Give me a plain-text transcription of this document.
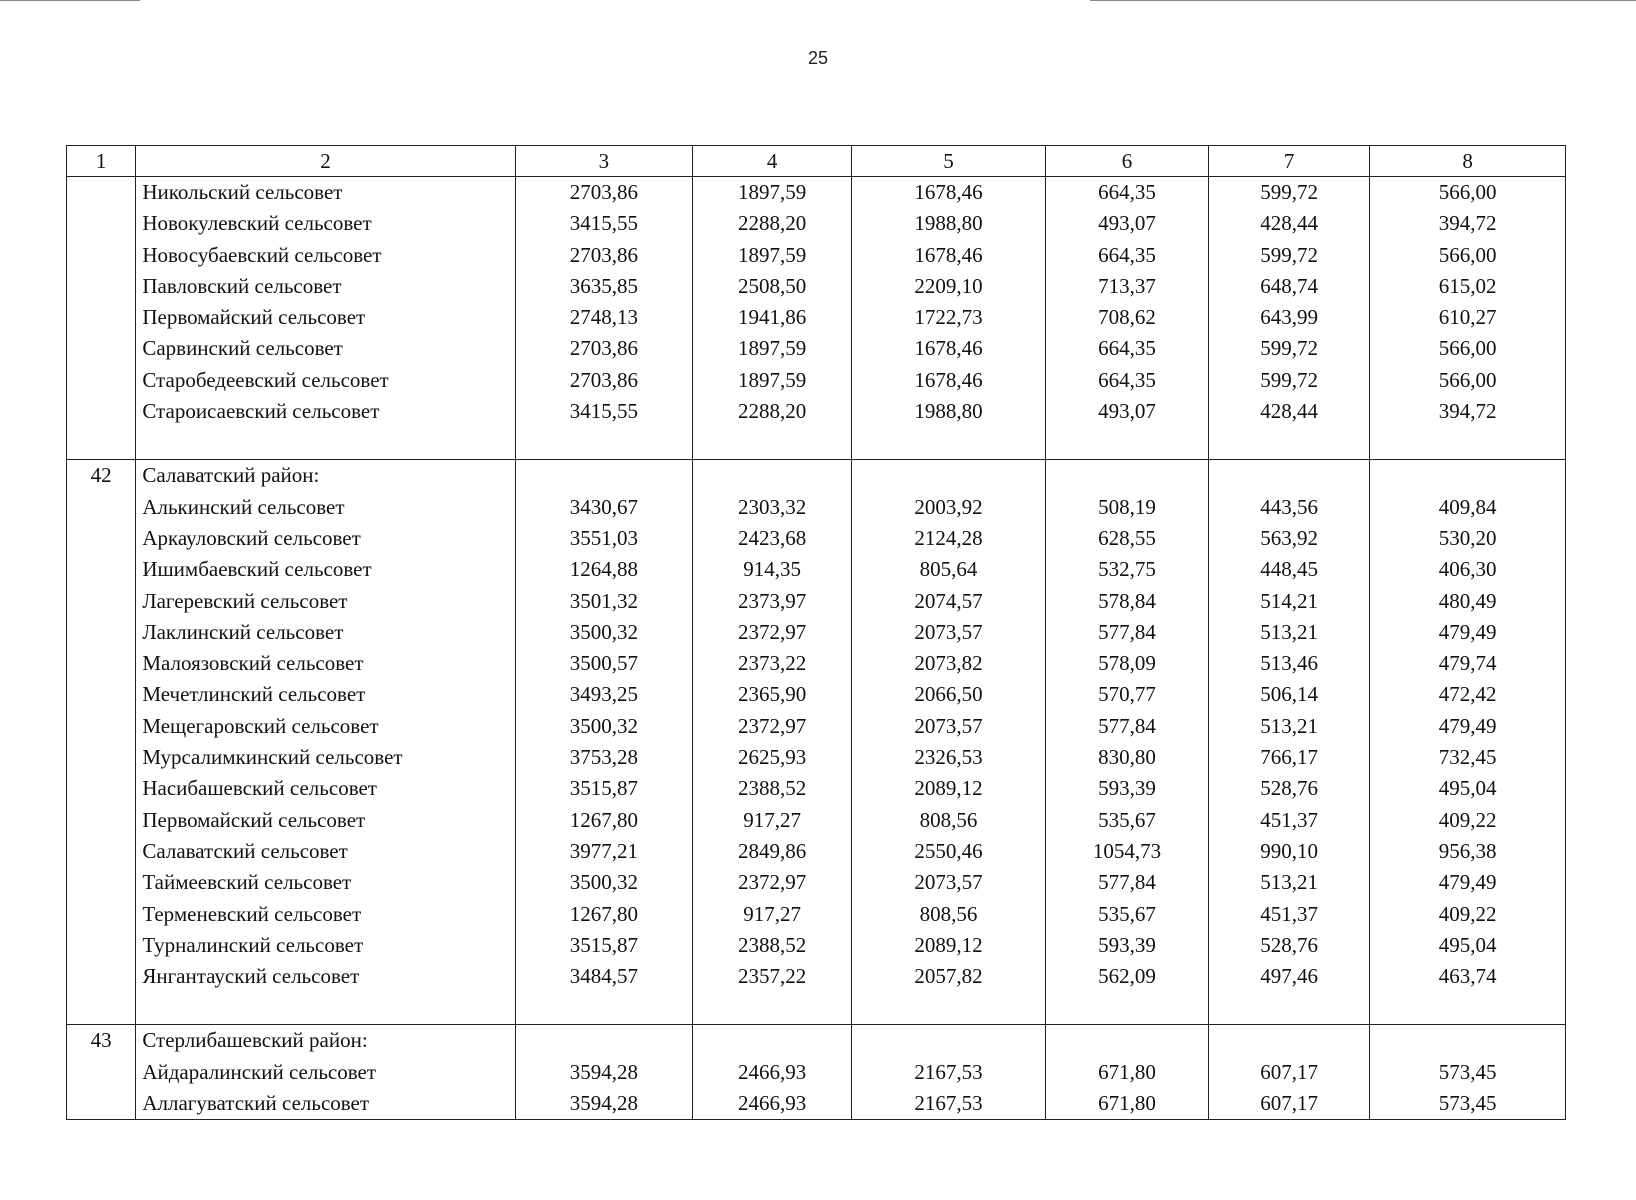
25
1	2	3	4	5	6	7	8
	Никольский сельсовет	2703,86	1897,59	1678,46	664,35	599,72	566,00
	Новокулевский сельсовет	3415,55	2288,20	1988,80	493,07	428,44	394,72
	Новосубаевский сельсовет	2703,86	1897,59	1678,46	664,35	599,72	566,00
	Павловский сельсовет	3635,85	2508,50	2209,10	713,37	648,74	615,02
	Первомайский сельсовет	2748,13	1941,86	1722,73	708,62	643,99	610,27
	Сарвинский сельсовет	2703,86	1897,59	1678,46	664,35	599,72	566,00
	Старобедеевский сельсовет	2703,86	1897,59	1678,46	664,35	599,72	566,00
	Староисаевский сельсовет	3415,55	2288,20	1988,80	493,07	428,44	394,72

42	Салаватский район:						
	Алькинский сельсовет	3430,67	2303,32	2003,92	508,19	443,56	409,84
	Аркауловский сельсовет	3551,03	2423,68	2124,28	628,55	563,92	530,20
	Ишимбаевский сельсовет	1264,88	914,35	805,64	532,75	448,45	406,30
	Лагеревский сельсовет	3501,32	2373,97	2074,57	578,84	514,21	480,49
	Лаклинский сельсовет	3500,32	2372,97	2073,57	577,84	513,21	479,49
	Малоязовский сельсовет	3500,57	2373,22	2073,82	578,09	513,46	479,74
	Мечетлинский сельсовет	3493,25	2365,90	2066,50	570,77	506,14	472,42
	Мещегаровский сельсовет	3500,32	2372,97	2073,57	577,84	513,21	479,49
	Мурсалимкинский сельсовет	3753,28	2625,93	2326,53	830,80	766,17	732,45
	Насибашевский сельсовет	3515,87	2388,52	2089,12	593,39	528,76	495,04
	Первомайский сельсовет	1267,80	917,27	808,56	535,67	451,37	409,22
	Салаватский сельсовет	3977,21	2849,86	2550,46	1054,73	990,10	956,38
	Таймеевский сельсовет	3500,32	2372,97	2073,57	577,84	513,21	479,49
	Терменевский сельсовет	1267,80	917,27	808,56	535,67	451,37	409,22
	Турналинский сельсовет	3515,87	2388,52	2089,12	593,39	528,76	495,04
	Янгантауский сельсовет	3484,57	2357,22	2057,82	562,09	497,46	463,74

43	Стерлибашевский район:						
	Айдаралинский сельсовет	3594,28	2466,93	2167,53	671,80	607,17	573,45
	Аллагуватский сельсовет	3594,28	2466,93	2167,53	671,80	607,17	573,45
